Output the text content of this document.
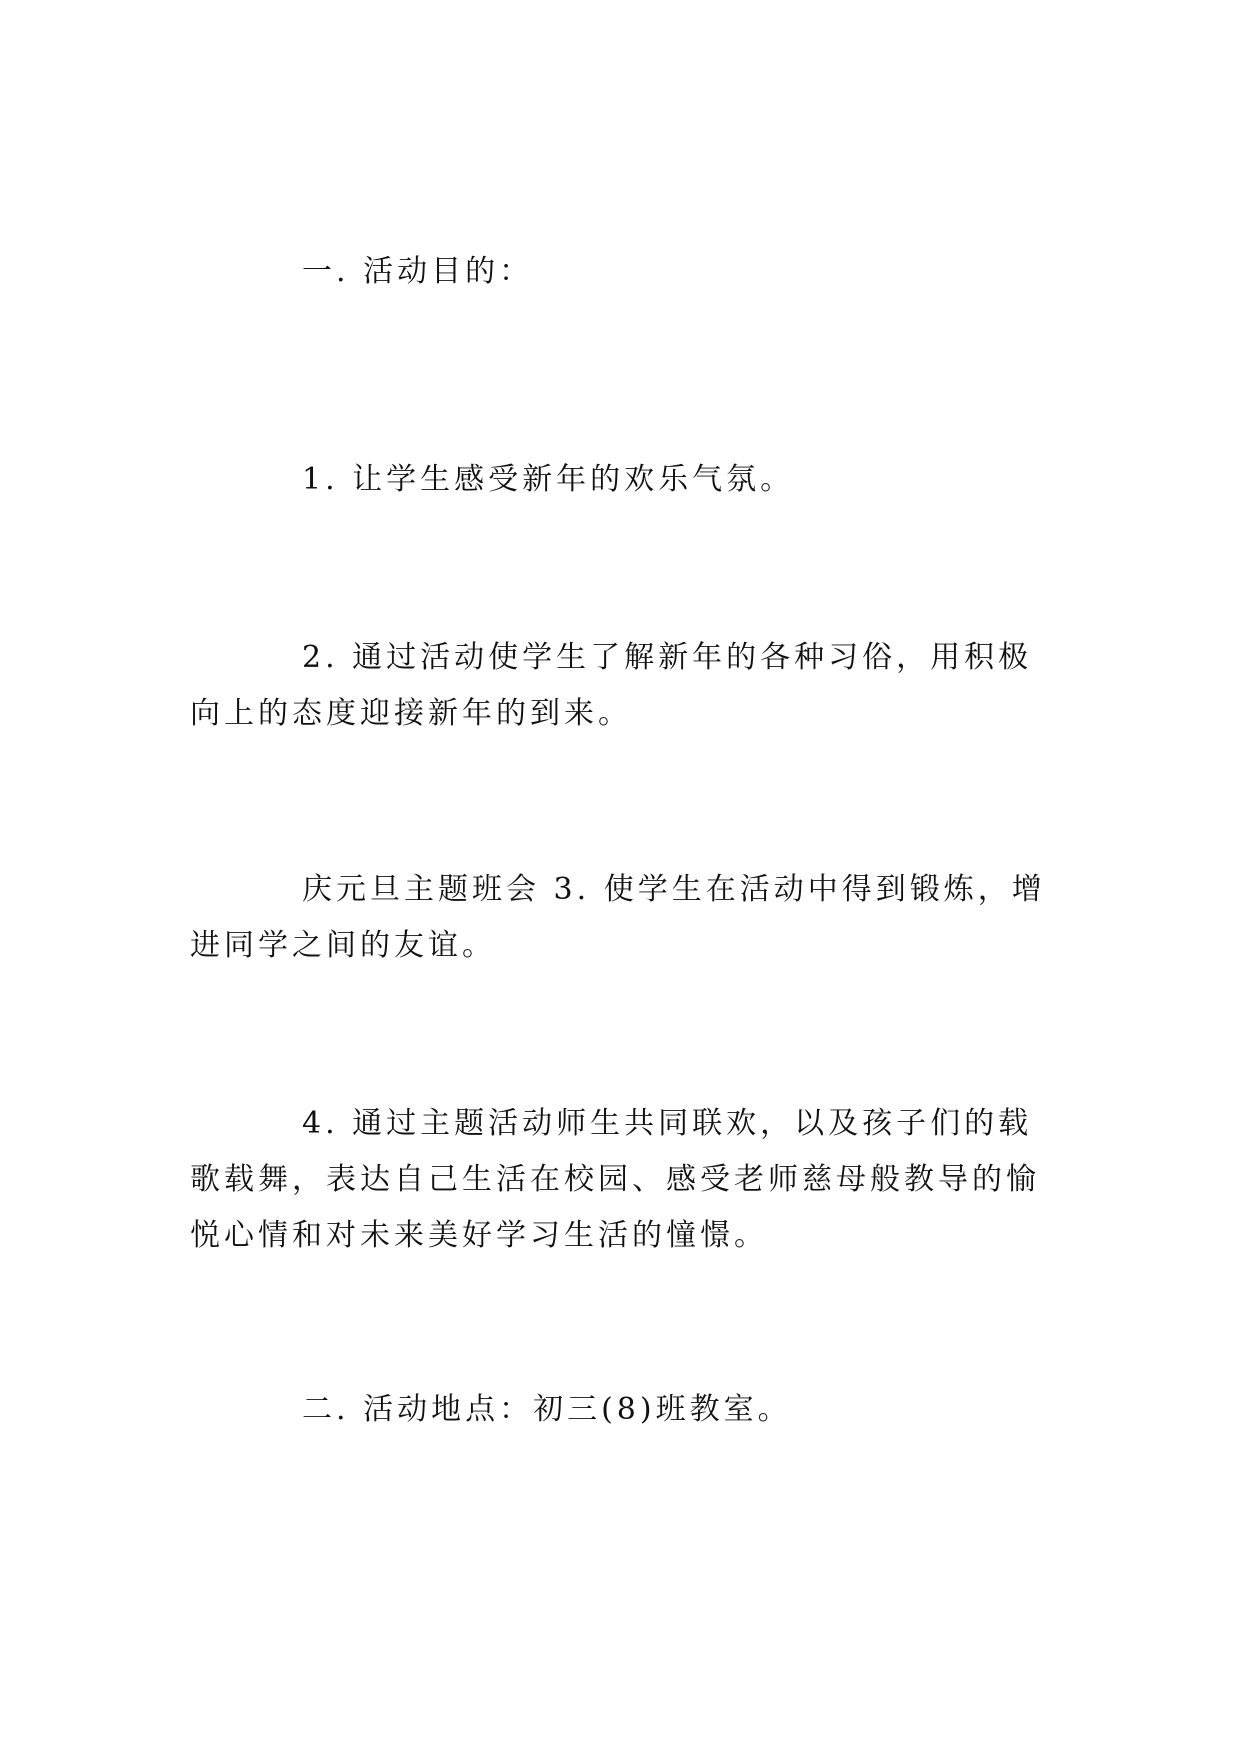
一. 活动目的：

1. 让学生感受新年的欢乐气氛。

2. 通过活动使学生了解新年的各种习俗，用积极向上的态度迎接新年的到来。

庆元旦主题班会 3. 使学生在活动中得到锻炼，增进同学之间的友谊。

4. 通过主题活动师生共同联欢，以及孩子们的载歌载舞，表达自己生活在校园、感受老师慈母般教导的愉悦心情和对未来美好学习生活的憧憬。

二. 活动地点：初三(8)班教室。
